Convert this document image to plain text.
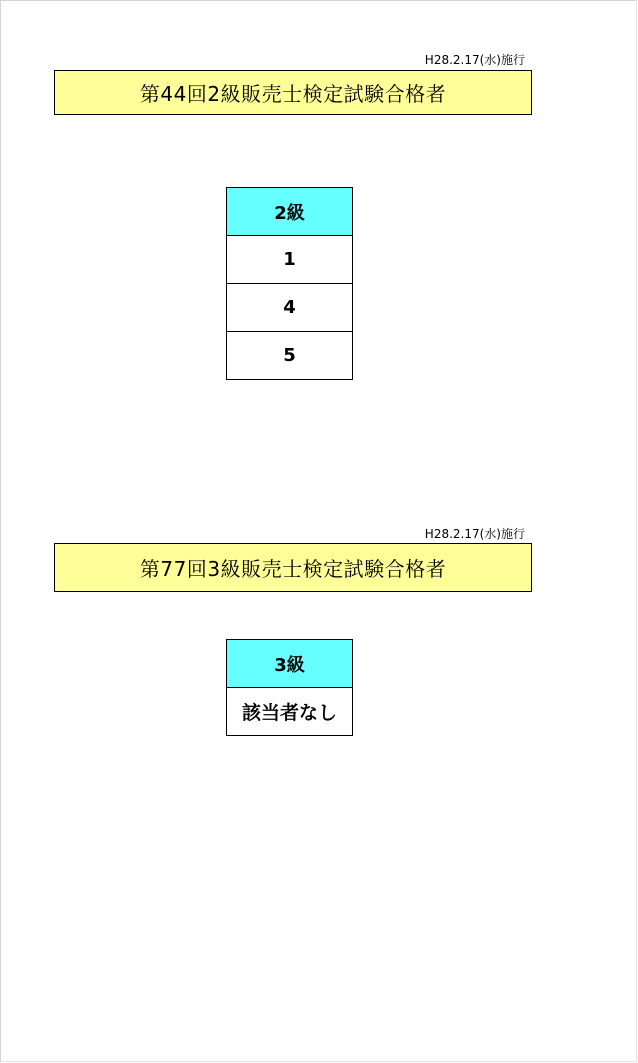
H28.2.17(水)施行
第44回2級販売士検定試験合格者
2級
1
4
5
H28.2.17(水)施行
第77回3級販売士検定試験合格者
3級
該当者なし
